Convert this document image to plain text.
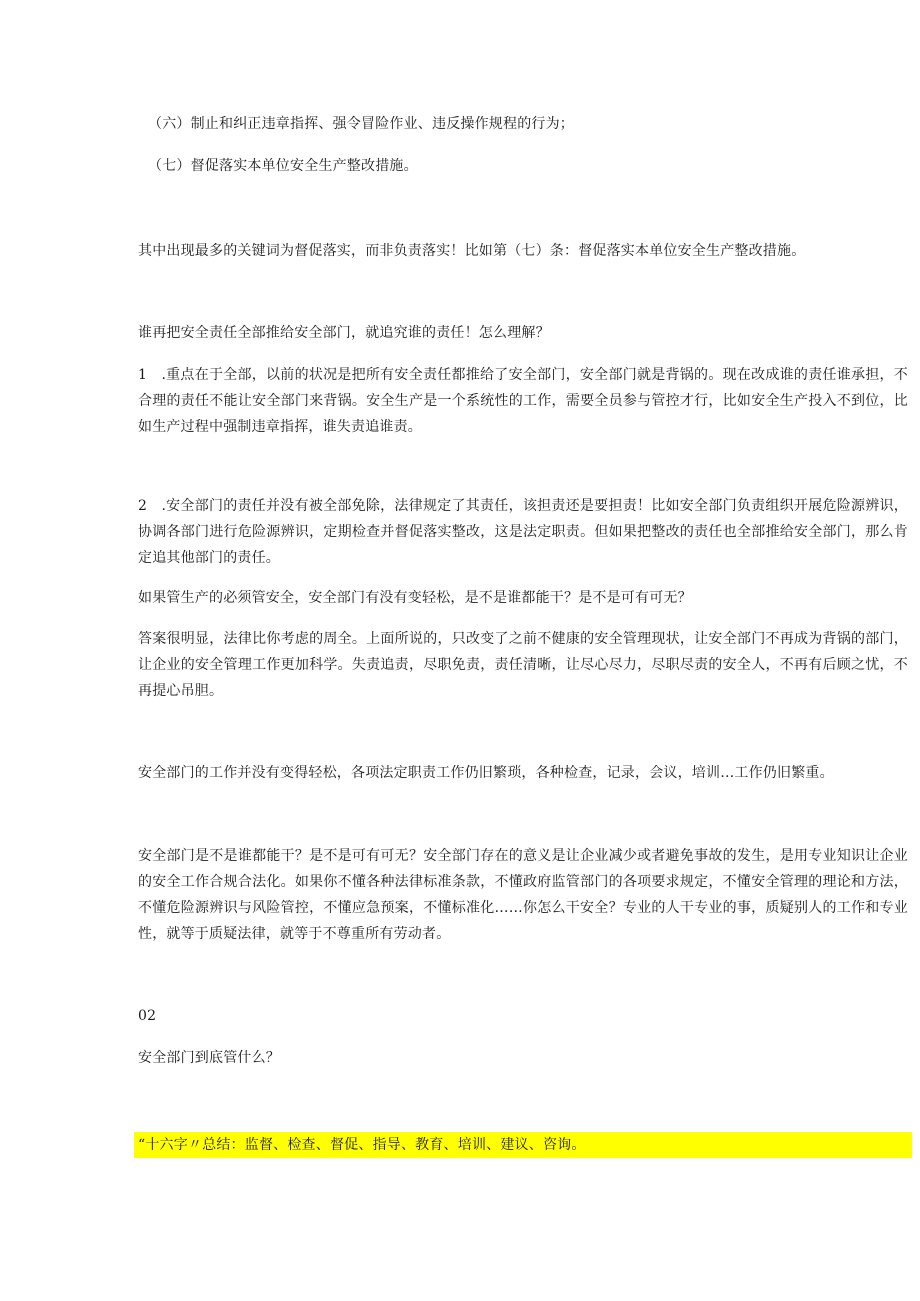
（六）制止和纠正违章指挥、强令冒险作业、违反操作规程的行为；

（七）督促落实本单位安全生产整改措施。

其中出现最多的关键词为督促落实，而非负责落实！比如第（七）条：督促落实本单位安全生产整改措施。

谁再把安全责任全部推给安全部门，就追究谁的责任！怎么理解？

1　.重点在于全部，以前的状况是把所有安全责任都推给了安全部门，安全部门就是背锅的。现在改成谁的责任谁承担，不合理的责任不能让安全部门来背锅。安全生产是一个系统性的工作，需要全员参与管控才行，比如安全生产投入不到位，比如生产过程中强制违章指挥，谁失责追谁责。

2　.安全部门的责任并没有被全部免除，法律规定了其责任，该担责还是要担责！比如安全部门负责组织开展危险源辨识，协调各部门进行危险源辨识，定期检查并督促落实整改，这是法定职责。但如果把整改的责任也全部推给安全部门，那么肯定追其他部门的责任。

如果管生产的必须管安全，安全部门有没有变轻松，是不是谁都能干？是不是可有可无？

答案很明显，法律比你考虑的周全。上面所说的，只改变了之前不健康的安全管理现状，让安全部门不再成为背锅的部门，让企业的安全管理工作更加科学。失责追责，尽职免责，责任清晰，让尽心尽力，尽职尽责的安全人，不再有后顾之忧，不再提心吊胆。

安全部门的工作并没有变得轻松，各项法定职责工作仍旧繁琐，各种检查，记录，会议，培训…工作仍旧繁重。

安全部门是不是谁都能干？是不是可有可无？安全部门存在的意义是让企业减少或者避免事故的发生，是用专业知识让企业的安全工作合规合法化。如果你不懂各种法律标准条款，不懂政府监管部门的各项要求规定，不懂安全管理的理论和方法，不懂危险源辨识与风险管控，不懂应急预案，不懂标准化……你怎么干安全？专业的人干专业的事，质疑别人的工作和专业性，就等于质疑法律，就等于不尊重所有劳动者。

02

安全部门到底管什么？

“十六字〃总结：监督、检查、督促、指导、教育、培训、建议、咨询。
